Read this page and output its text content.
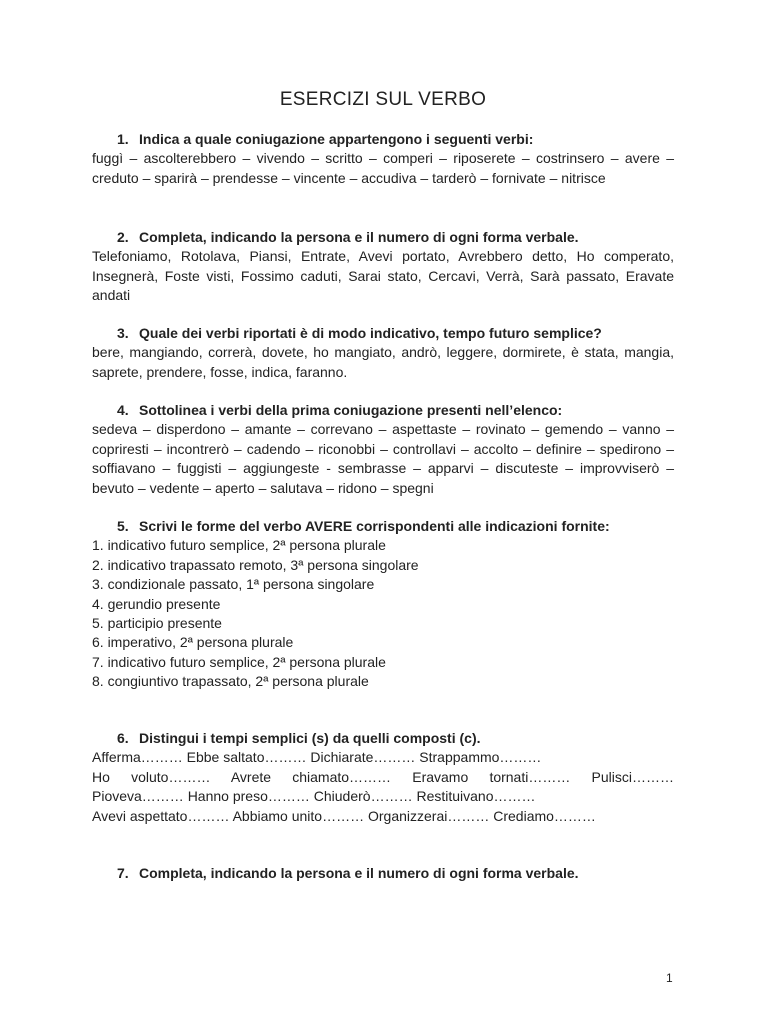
ESERCIZI SUL VERBO
1. Indica a quale coniugazione appartengono i seguenti verbi:
fuggì – ascolterebbero – vivendo – scritto – comperi – riposerete – costrinsero – avere – creduto – sparirà – prendesse – vincente – accudiva – tarderò – fornivate – nitrisce
2. Completa, indicando la persona e il numero di ogni forma verbale.
Telefoniamo, Rotolava, Piansi, Entrate, Avevi portato, Avrebbero detto, Ho comperato, Insegnerà, Foste visti, Fossimo caduti, Sarai stato, Cercavi, Verrà, Sarà passato, Eravate andati
3. Quale dei verbi riportati è di modo indicativo, tempo futuro semplice?
bere, mangiando, correrà, dovete, ho mangiato, andrò, leggere, dormirete, è stata, mangia, saprete, prendere, fosse, indica, faranno.
4. Sottolinea i verbi della prima coniugazione presenti nell’elenco:
sedeva – disperdono – amante – correvano – aspettaste – rovinato – gemendo – vanno – copriresti – incontrerò – cadendo – riconobbi – controllavi – accolto – definire – spedirono – soffiavano – fuggisti – aggiungeste - sembrasse – apparvi – discuteste – improvviserò – bevuto – vedente – aperto – salutava – ridono – spegni
5. Scrivi le forme del verbo AVERE corrispondenti alle indicazioni fornite:
1. indicativo futuro semplice, 2ª persona plurale
2. indicativo trapassato remoto, 3ª persona singolare
3. condizionale passato, 1ª persona singolare
4. gerundio presente
5. participio presente
6. imperativo, 2ª persona plurale
7. indicativo futuro semplice, 2ª persona plurale
8. congiuntivo trapassato, 2ª persona plurale
6. Distingui i tempi semplici (s) da quelli composti (c).
Afferma……… Ebbe saltato……… Dichiarate……… Strappammo………
Ho voluto……… Avrete chiamato……… Eravamo tornati……… Pulisci………
Pioveva……… Hanno preso……… Chiuderò……… Restituivano………
Avevi aspettato……… Abbiamo unito……… Organizzerai……… Crediamo………
7. Completa, indicando la persona e il numero di ogni forma verbale.
1
